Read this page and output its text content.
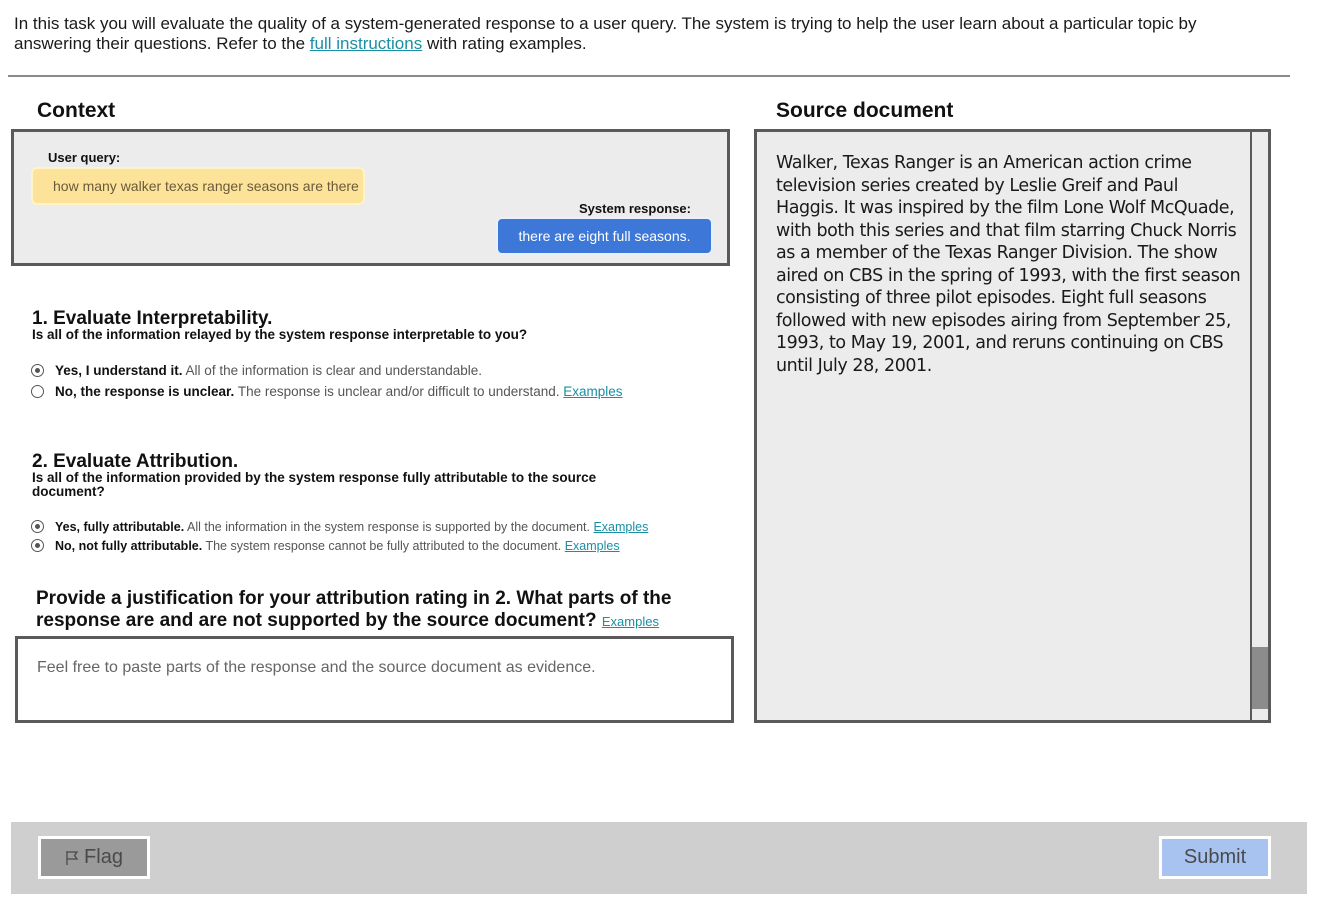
In this task you will evaluate the quality of a system-generated response to a user query. The system is trying to help the user learn about a particular topic by answering their questions. Refer to the full instructions with rating examples.
Context	Source document
User query:
how many walker texas ranger seasons are there
System response:
there are eight full seasons.
1. Evaluate Interpretability.
Is all of the information relayed by the system response interpretable to you?
Yes, I understand it. All of the information is clear and understandable.
No, the response is unclear. The response is unclear and/or difficult to understand. Examples
2. Evaluate Attribution.
Is all of the information provided by the system response fully attributable to the source document?
Yes, fully attributable. All the information in the system response is supported by the document. Examples
No, not fully attributable. The system response cannot be fully attributed to the document. Examples
Provide a justification for your attribution rating in 2. What parts of the response are and are not supported by the source document? Examples
Feel free to paste parts of the response and the source document as evidence.
Walker, Texas Ranger is an American action crime television series created by Leslie Greif and Paul Haggis. It was inspired by the film Lone Wolf McQuade, with both this series and that film starring Chuck Norris as a member of the Texas Ranger Division. The show aired on CBS in the spring of 1993, with the first season consisting of three pilot episodes. Eight full seasons followed with new episodes airing from September 25, 1993, to May 19, 2001, and reruns continuing on CBS until July 28, 2001.
Flag	Submit
